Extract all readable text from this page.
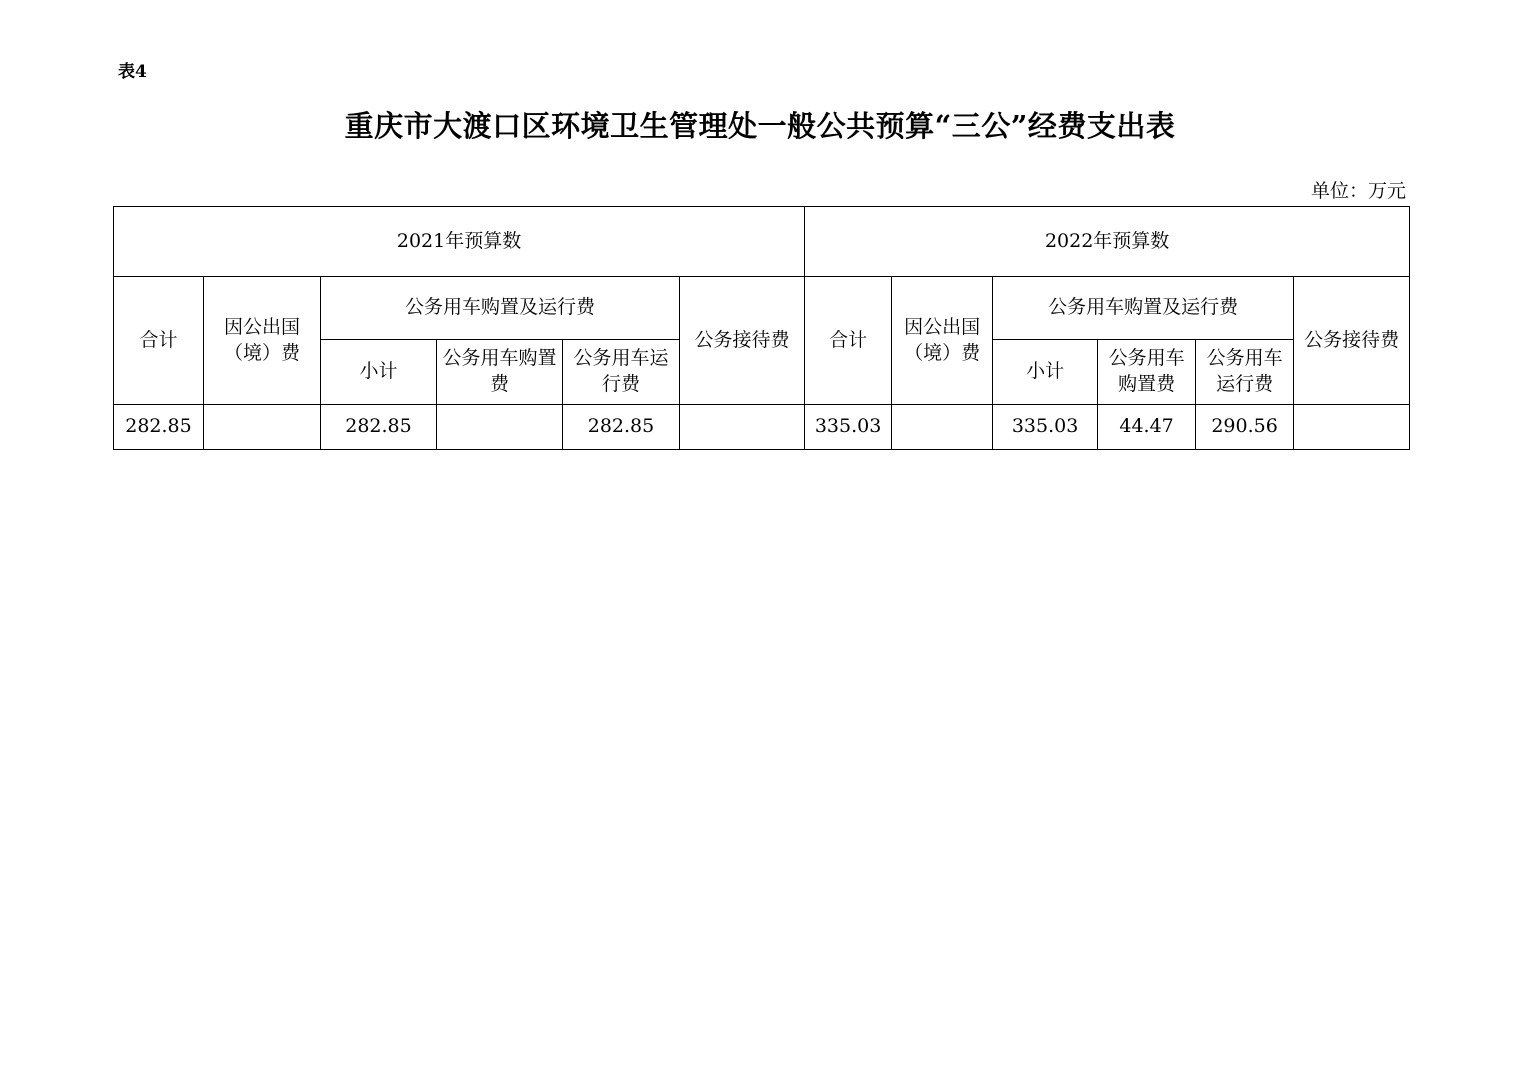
表4
重庆市大渡口区环境卫生管理处一般公共预算“三公”经费支出表
单位：万元
2021年预算数						2022年预算数					
合计	因公出国（境）费	公务用车购置及运行费			公务接待费	合计	因公出国（境）费	公务用车购置及运行费			公务接待费
		小计	公务用车购置费	公务用车运行费				小计	公务用车购置费	公务用车运行费	
282.85		282.85		282.85		335.03		335.03	44.47	290.56	
